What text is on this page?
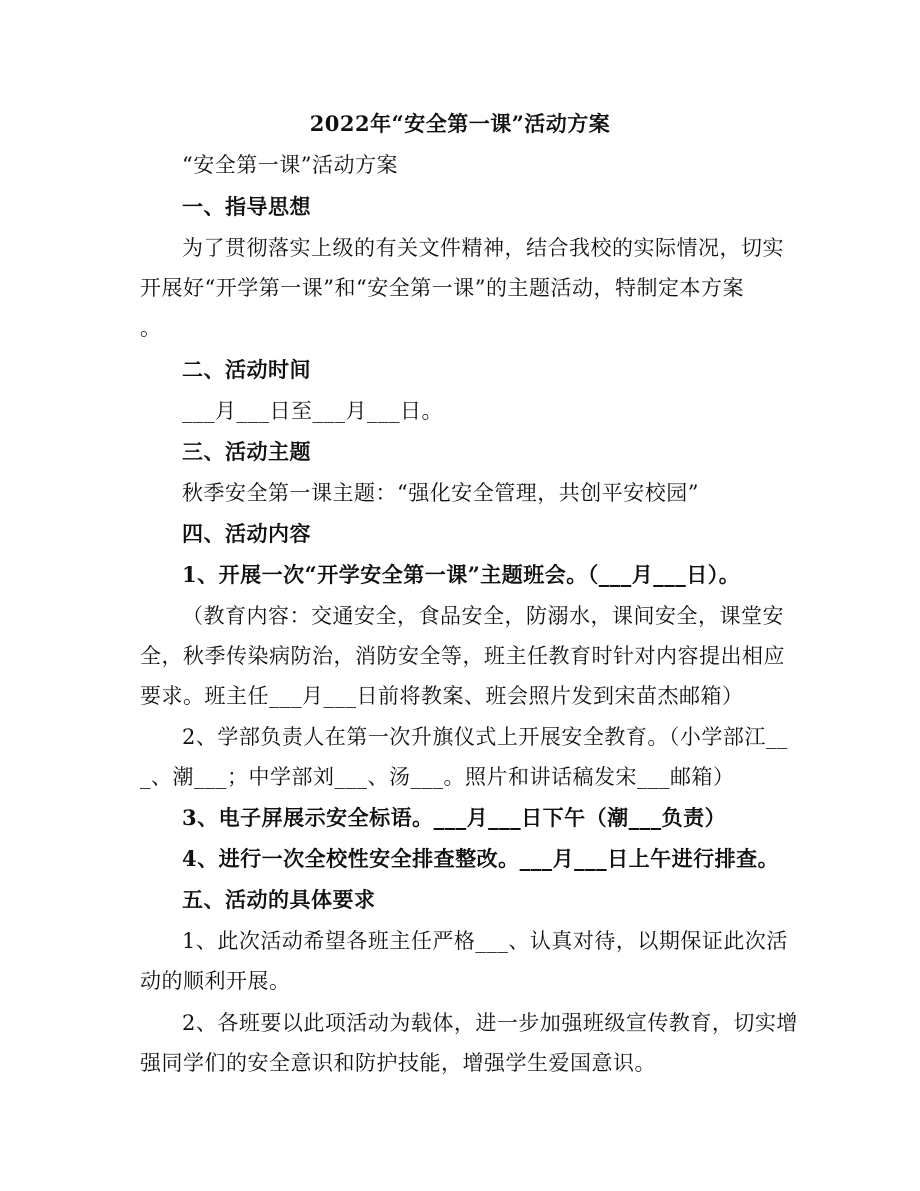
2022年“安全第一课”活动方案
“安全第一课”活动方案
一、指导思想
为了贯彻落实上级的有关文件精神，结合我校的实际情况，切实
开展好“开学第一课”和“安全第一课”的主题活动，特制定本方案
。
二、活动时间
___月___日至___月___日。
三、活动主题
秋季安全第一课主题：“强化安全管理，共创平安校园”
四、活动内容
1、开展一次“开学安全第一课”主题班会。（___月___日）。
（教育内容：交通安全，食品安全，防溺水，课间安全，课堂安
全，秋季传染病防治，消防安全等，班主任教育时针对内容提出相应
要求。班主任___月___日前将教案、班会照片发到宋苗杰邮箱）
2、学部负责人在第一次升旗仪式上开展安全教育。（小学部江__
_、潮___；中学部刘___、汤___。照片和讲话稿发宋___邮箱）
3、电子屏展示安全标语。___月___日下午（潮___负责）
4、进行一次全校性安全排查整改。___月___日上午进行排查。
五、活动的具体要求
1、此次活动希望各班主任严格___、认真对待，以期保证此次活
动的顺利开展。
2、各班要以此项活动为载体，进一步加强班级宣传教育，切实增
强同学们的安全意识和防护技能，增强学生爱国意识。
